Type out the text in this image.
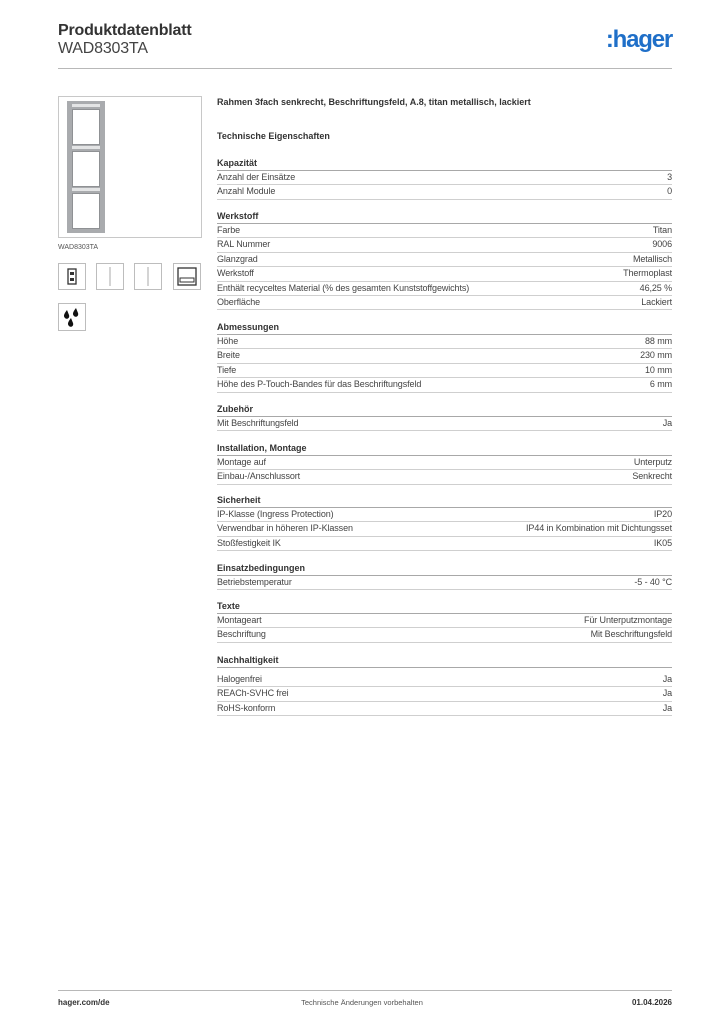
Produktdatenblatt
WAD8303TA	:hager
WAD8303TA
Rahmen 3fach senkrecht, Beschriftungsfeld, A.8, titan metallisch, lackiert
Technische Eigenschaften
Kapazität
Anzahl der Einsätze	3
Anzahl Module	0
Werkstoff
Farbe	Titan
RAL Nummer	9006
Glanzgrad	Metallisch
Werkstoff	Thermoplast
Enthält recyceltes Material (% des gesamten Kunststoffgewichts)	46,25 %
Oberfläche	Lackiert
Abmessungen
Höhe	88 mm
Breite	230 mm
Tiefe	10 mm
Höhe des P-Touch-Bandes für das Beschriftungsfeld	6 mm
Zubehör
Mit Beschriftungsfeld	Ja
Installation, Montage
Montage auf	Unterputz
Einbau-/Anschlussort	Senkrecht
Sicherheit
IP-Klasse (Ingress Protection)	IP20
Verwendbar in höheren IP-Klassen	IP44 in Kombination mit Dichtungsset
Stoßfestigkeit IK	IK05
Einsatzbedingungen
Betriebstemperatur	-5 - 40 °C
Texte
Montageart	Für Unterputzmontage
Beschriftung	Mit Beschriftungsfeld
Nachhaltigkeit
Halogenfrei	Ja
REACh-SVHC frei	Ja
RoHS-konform	Ja
hager.com/de	Technische Änderungen vorbehalten	01.04.2026
